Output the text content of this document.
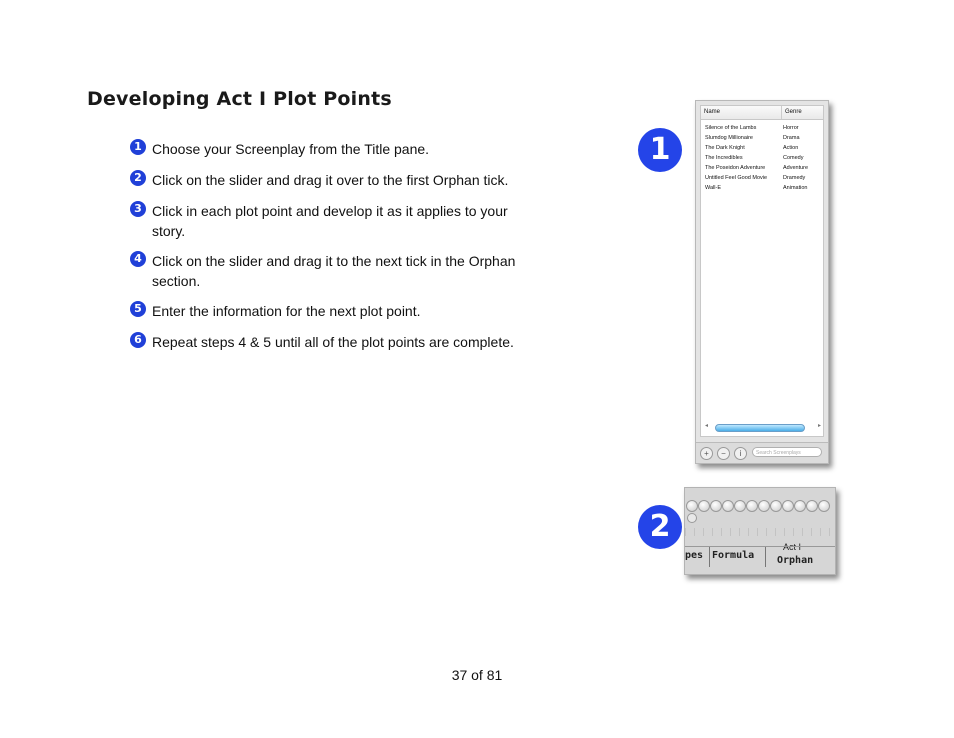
Developing Act I Plot Points
1 Choose your Screenplay from the Title pane.
2 Click on the slider and drag it over to the first Orphan tick.
3 Click in each plot point and develop it as it applies to your story.
4 Click on the slider and drag it to the next tick in the Orphan section.
5 Enter the information for the next plot point.
6 Repeat steps 4 & 5 until all of the plot points are complete.
1
2
Name	Genre
Silence of the Lambs	Horror
Slumdog Millionaire	Drama
The Dark Knight	Action
The Incredibles	Comedy
The Poseidon Adventure	Adventure
Untitled Feel Good Movie	Dramedy
Wall-E	Animation
◂	▸
+	−	i	Search Screenplays
Act I
pes Formula Orphan
37 of 81
